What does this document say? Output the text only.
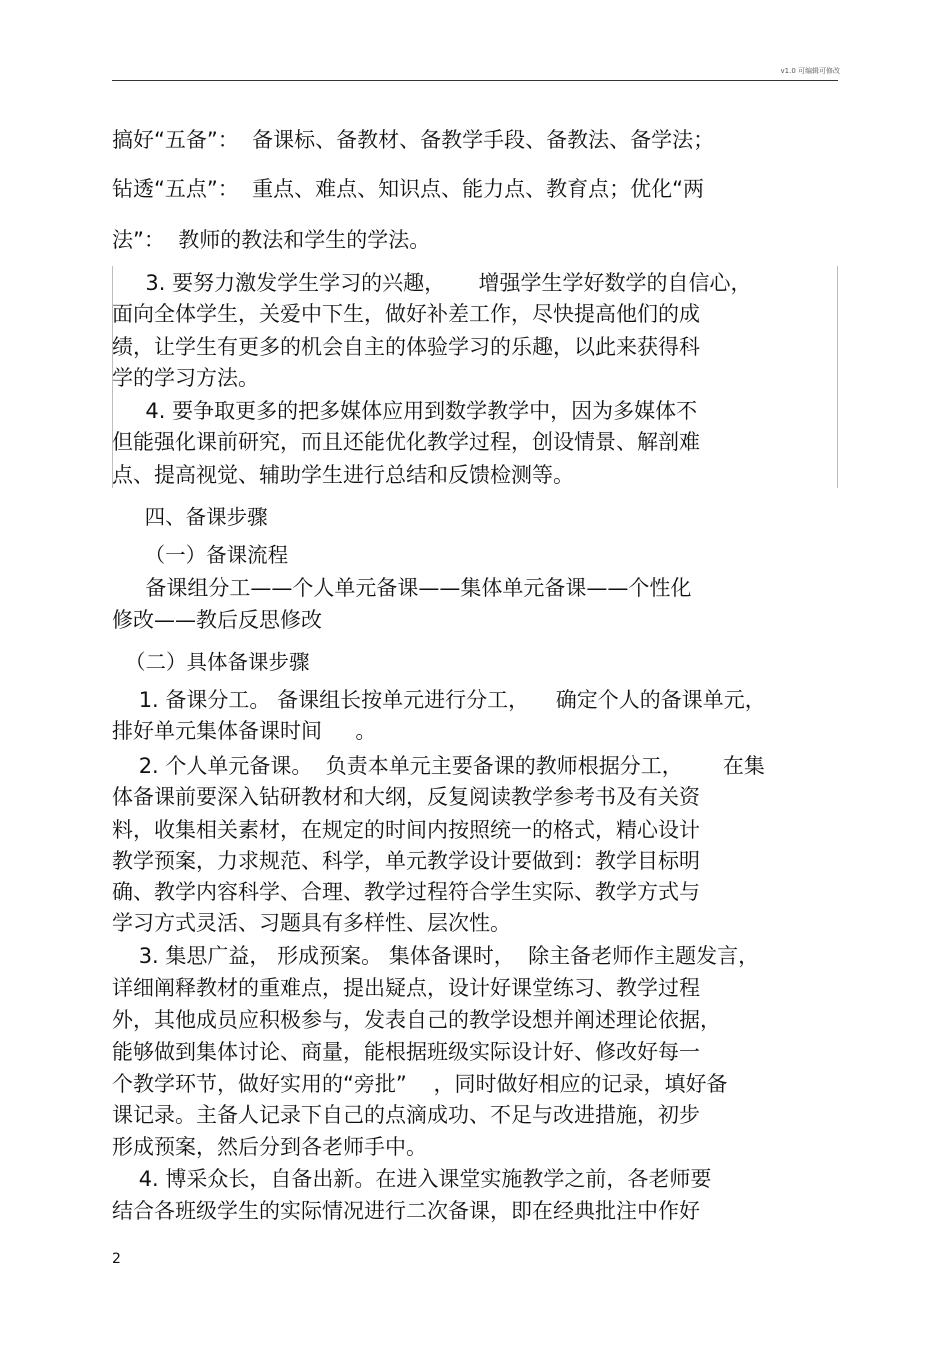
v1.0 可编辑可修改
搞好“五备”：  备课标、备教材、备教学手段、备教法、备学法；
钻透“五点”：  重点、难点、知识点、能力点、教育点；优化“两
法”：  教师的教法和学生的学法。
3. 要努力激发学生学习的兴趣，     增强学生学好数学的自信心，
面向全体学生，关爱中下生，做好补差工作，尽快提高他们的成
绩，让学生有更多的机会自主的体验学习的乐趣，以此来获得科
学的学习方法。
4. 要争取更多的把多媒体应用到数学教学中，因为多媒体不
但能强化课前研究，而且还能优化教学过程，创设情景、解剖难
点、提高视觉、辅助学生进行总结和反馈检测等。
四、备课步骤
（一）备课流程
备课组分工——个人单元备课——集体单元备课——个性化
修改——教后反思修改
（二）具体备课步骤
1. 备课分工。 备课组长按单元进行分工，    确定个人的备课单元，
排好单元集体备课时间     。
2. 个人单元备课。  负责本单元主要备课的教师根据分工，      在集
体备课前要深入钻研教材和大纲，反复阅读教学参考书及有关资
料，收集相关素材，在规定的时间内按照统一的格式，精心设计
教学预案，力求规范、科学，单元教学设计要做到：教学目标明
确、教学内容科学、合理、教学过程符合学生实际、教学方式与
学习方式灵活、习题具有多样性、层次性。
3. 集思广益， 形成预案。 集体备课时，  除主备老师作主题发言，
详细阐释教材的重难点，提出疑点，设计好课堂练习、教学过程
外，其他成员应积极参与，发表自己的教学设想并阐述理论依据，
能够做到集体讨论、商量，能根据班级实际设计好、修改好每一
个教学环节，做好实用的“旁批”    ，同时做好相应的记录，填好备
课记录。主备人记录下自己的点滴成功、不足与改进措施，初步
形成预案，然后分到各老师手中。
4. 博采众长，自备出新。在进入课堂实施教学之前，各老师要
结合各班级学生的实际情况进行二次备课，即在经典批注中作好
2
